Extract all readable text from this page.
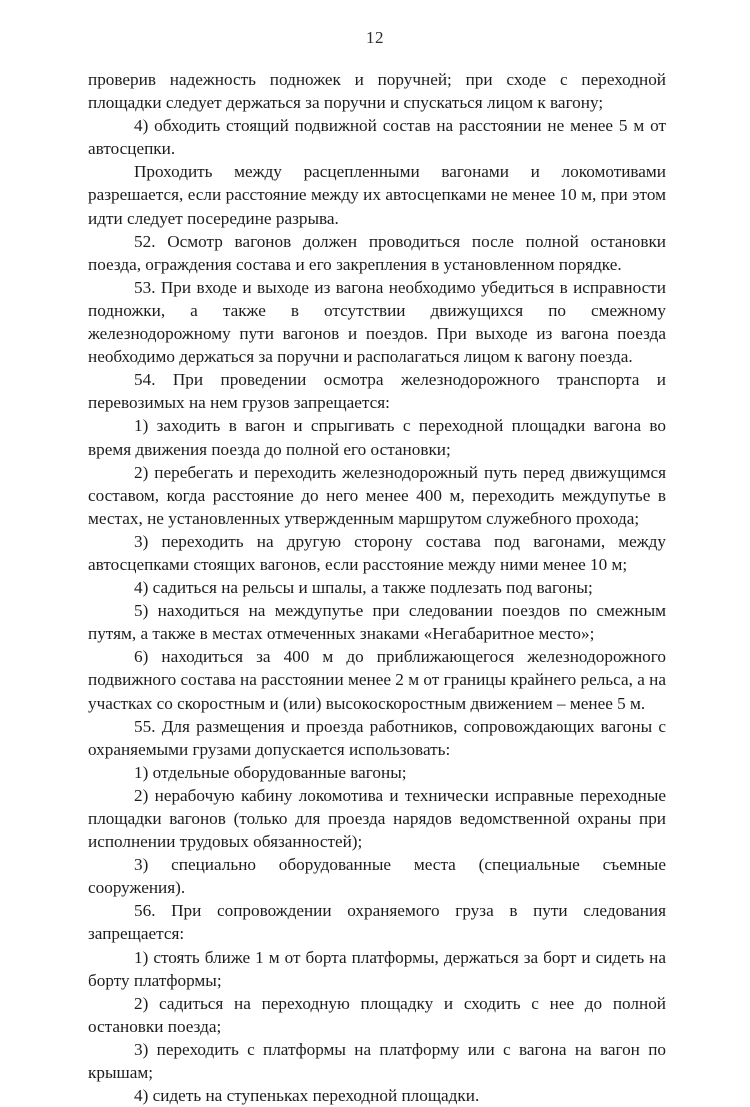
12

проверив надежность подножек и поручней; при сходе с переходной площадки следует держаться за поручни и спускаться лицом к вагону;

4) обходить стоящий подвижной состав на расстоянии не менее 5 м от автосцепки.

Проходить между расцепленными вагонами и локомотивами разрешается, если расстояние между их автосцепками не менее 10 м, при этом идти следует посередине разрыва.

52. Осмотр вагонов должен проводиться после полной остановки поезда, ограждения состава и его закрепления в установленном порядке.

53. При входе и выходе из вагона необходимо убедиться в исправности подножки, а также в отсутствии движущихся по смежному железнодорожному пути вагонов и поездов. При выходе из вагона поезда необходимо держаться за поручни и располагаться лицом к вагону поезда.

54. При проведении осмотра железнодорожного транспорта и перевозимых на нем грузов запрещается:

1) заходить в вагон и спрыгивать с переходной площадки вагона во время движения поезда до полной его остановки;

2) перебегать и переходить железнодорожный путь перед движущимся составом, когда расстояние до него менее 400 м, переходить междупутье в местах, не установленных утвержденным маршрутом служебного прохода;

3) переходить на другую сторону состава под вагонами, между автосцепками стоящих вагонов, если расстояние между ними менее 10 м;

4) садиться на рельсы и шпалы, а также подлезать под вагоны;

5) находиться на междупутье при следовании поездов по смежным путям, а также в местах отмеченных знаками «Негабаритное место»;

6) находиться за 400 м до приближающегося железнодорожного подвижного состава на расстоянии менее 2 м от границы крайнего рельса, а на участках со скоростным и (или) высокоскоростным движением – менее 5 м.

55. Для размещения и проезда работников, сопровождающих вагоны с охраняемыми грузами допускается использовать:

1) отдельные оборудованные вагоны;

2) нерабочую кабину локомотива и технически исправные переходные площадки вагонов (только для проезда нарядов ведомственной охраны при исполнении трудовых обязанностей);

3) специально оборудованные места (специальные съемные сооружения).

56. При сопровождении охраняемого груза в пути следования запрещается:

1) стоять ближе 1 м от борта платформы, держаться за борт и сидеть на борту платформы;

2) садиться на переходную площадку и сходить с нее до полной остановки поезда;

3) переходить с платформы на платформу или с вагона на вагон по крышам;

4) сидеть на ступеньках переходной площадки.
